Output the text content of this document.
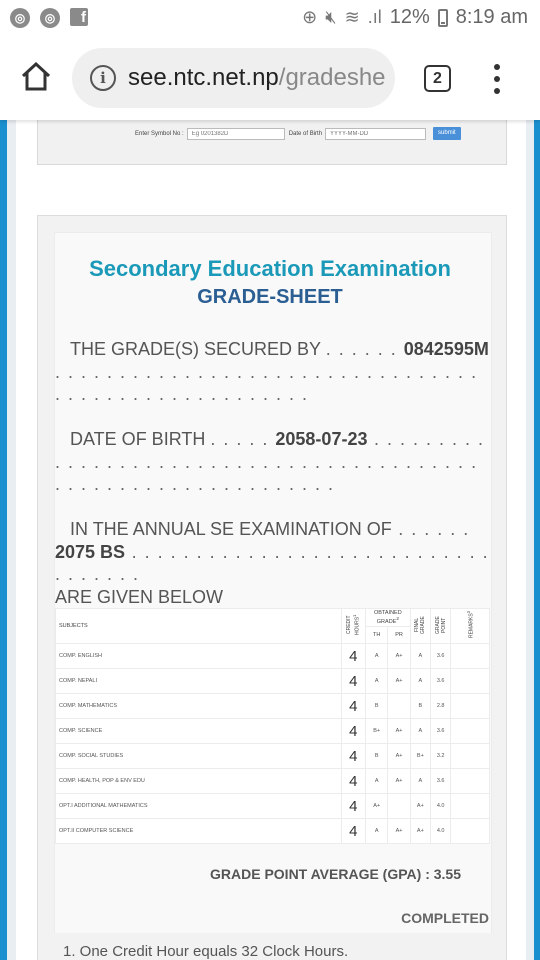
◎	◎	f	⊕ 🔇︎ ≋ .ıl 12% 8:19 am
i see.ntc.net.np/gradeshe	2
Enter Symbol No :
Eg 0201382D	Date of Birth
YYYY-MM-DD	submit
Secondary Education Examination
GRADE-SHEET
THE GRADE(S) SECURED BY . . . . . . 0842595M . . . . . . . . . . . . . . . . . . . . . . . . . . . . . . . . . . . . . . . . . . . . . . . . . . . . .
DATE OF BIRTH . . . . . 2058-07-23 . . . . . . . . . . . . . . . . . . . . . . . . . . . . . . . . . . . . . . . . . . . . . . . . . . . . . . . . . . . . . . . .
IN THE ANNUAL SE EXAMINATION OF . . . . . .
2075 BS . . . . . . . . . . . . . . . . . . . . . . . . . . . . . . . . . . .
ARE GIVEN BELOW
SUBJECTS	CREDIT HOURS$^1$	OBTAINED GRADE$^2$		FINAL GRADE	GRADE POINT	REMARKS$^3$
		TH	PR			
COMP. ENGLISH	4	A	A+	A	3.6	
COMP. NEPALI	4	A	A+	A	3.6	
COMP. MATHEMATICS	4	B		B	2.8	
COMP. SCIENCE	4	B+	A+	A	3.6	
COMP. SOCIAL STUDIES	4	B	A+	B+	3.2	
COMP. HEALTH, POP & ENV EDU	4	A	A+	A	3.6	
OPT.I ADDITIONAL MATHEMATICS	4	A+		A+	4.0	
OPT.II COMPUTER SCIENCE	4	A	A+	A+	4.0	
GRADE POINT AVERAGE (GPA) : 3.55
COMPLETED
1. One Credit Hour equals 32 Clock Hours.
